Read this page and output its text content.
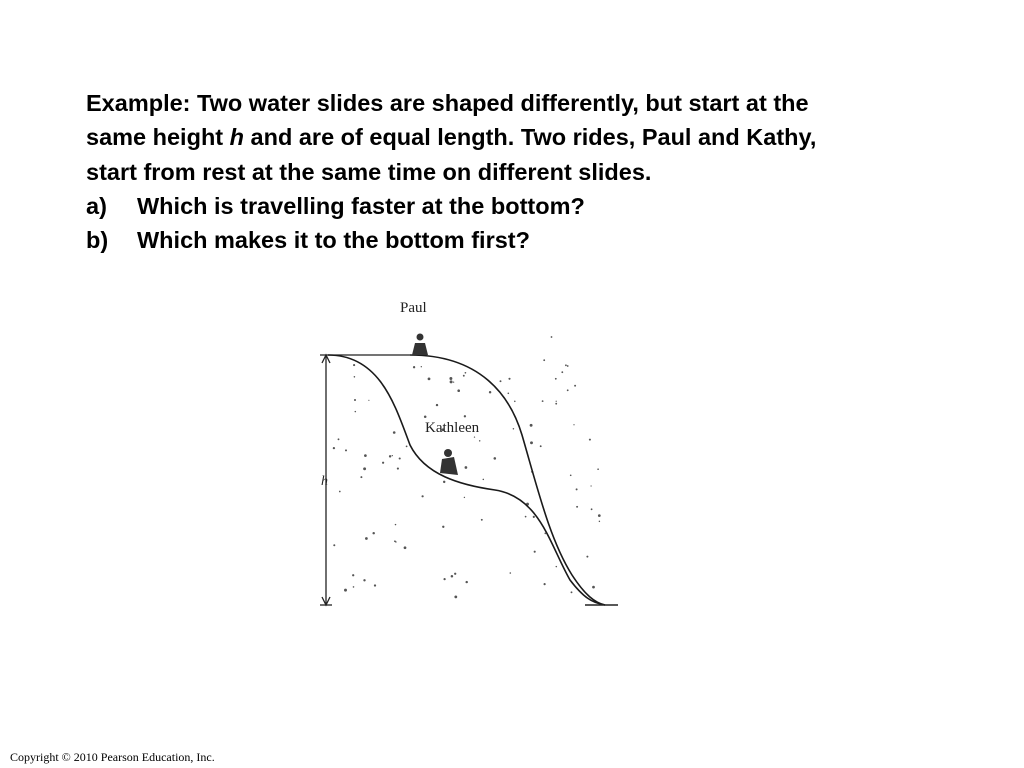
Example: Two water slides are shaped differently, but start at the
same height h and are of equal length. Two rides, Paul and Kathy,
start from rest at the same time on different slides.
a) Which is travelling faster at the bottom?
b) Which makes it to the bottom first?
Paul
Kathleen
h
Copyright © 2010 Pearson Education, Inc.
